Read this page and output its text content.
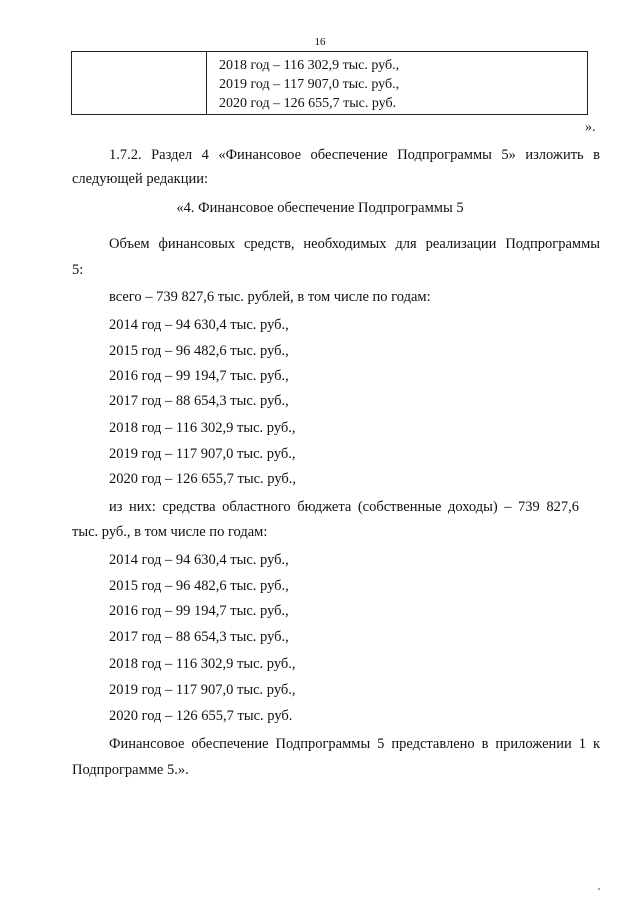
16
2018 год – 116 302,9 тыс. руб.,
2019 год – 117 907,0 тыс. руб.,
2020 год – 126 655,7 тыс. руб.
».
1.7.2. Раздел 4 «Финансовое обеспечение Подпрограммы 5» изложить в
следующей редакции:
«4. Финансовое обеспечение Подпрограммы 5
Объем финансовых средств, необходимых для реализации Подпрограммы
5:
всего – 739 827,6 тыс. рублей, в том числе по годам:
2014 год – 94 630,4 тыс. руб.,
2015 год – 96 482,6 тыс. руб.,
2016 год – 99 194,7 тыс. руб.,
2017 год – 88 654,3 тыс. руб.,
2018 год – 116 302,9 тыс. руб.,
2019 год – 117 907,0 тыс. руб.,
2020 год – 126 655,7 тыс. руб.,
из них: средства областного бюджета (собственные доходы) – 739 827,6
тыс. руб., в том числе по годам:
2014 год – 94 630,4 тыс. руб.,
2015 год – 96 482,6 тыс. руб.,
2016 год – 99 194,7 тыс. руб.,
2017 год – 88 654,3 тыс. руб.,
2018 год – 116 302,9 тыс. руб.,
2019 год – 117 907,0 тыс. руб.,
2020 год – 126 655,7 тыс. руб.
Финансовое обеспечение Подпрограммы 5 представлено в приложении 1 к
Подпрограмме 5.».
